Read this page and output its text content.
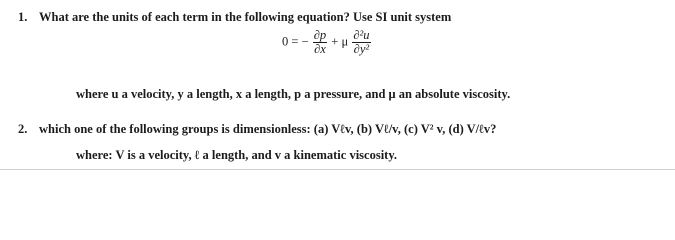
1. What are the units of each term in the following equation? Use SI unit system
0 = − $\frac{\partial p}{\partial x} + \mu \frac{\text{∂²u}}{\text{∂y²}}$
where u a velocity, y a length, x a length, p a pressure, and μ an absolute viscosity.
2. which one of the following groups is dimensionless: (a) Vℓv, (b) Vℓ/v, (c) V² v, (d) V/ℓv?
where: V is a velocity, ℓ a length, and v a kinematic viscosity.
